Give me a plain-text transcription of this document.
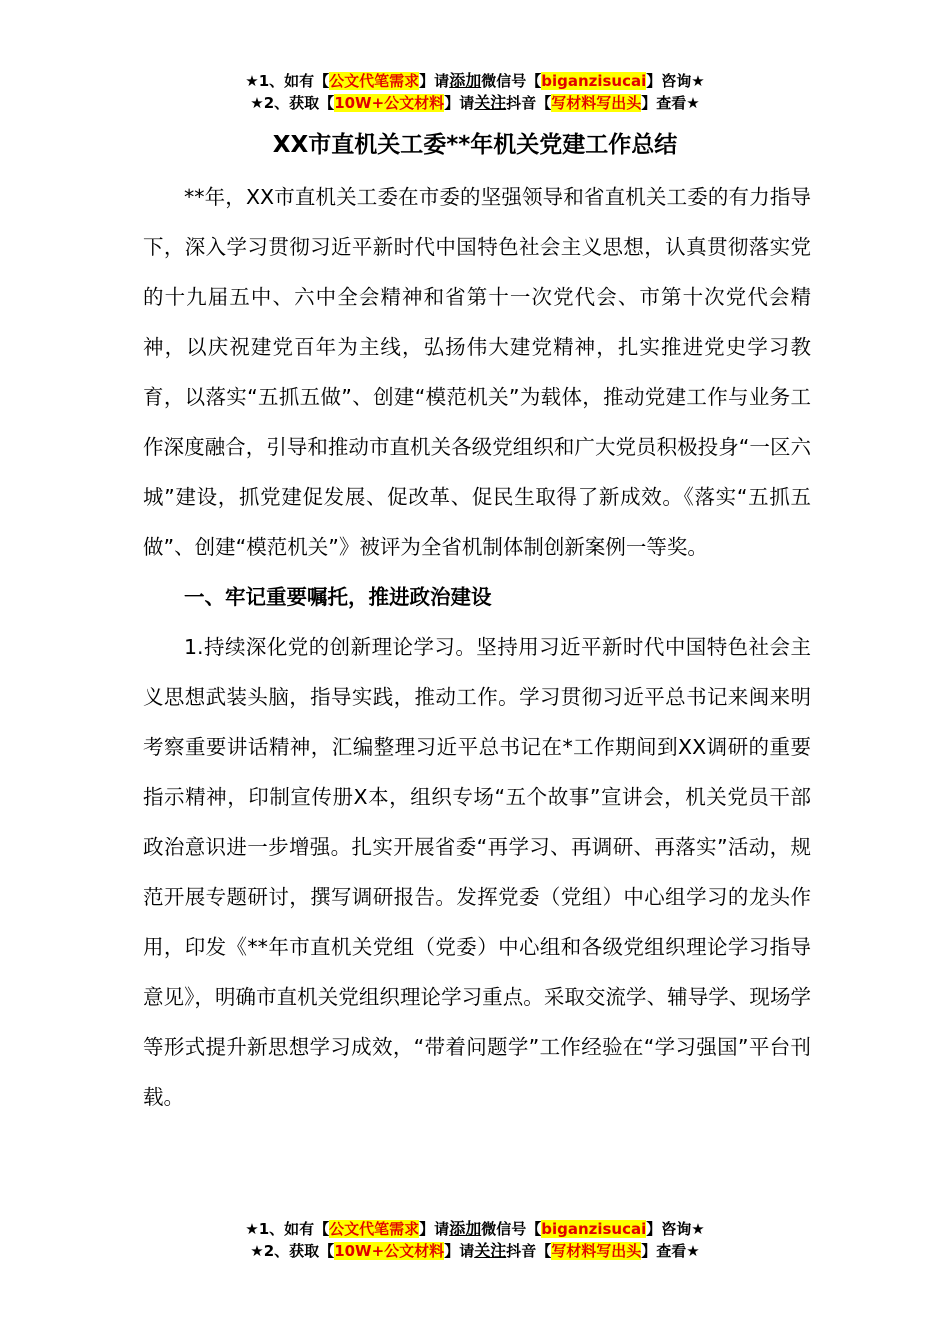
★1、如有【公文代笔需求】请添加微信号【biganzisucai】咨询★
★2、获取【10W+公文材料】请关注抖音【写材料写出头】查看★
XX市直机关工委**年机关党建工作总结

**年，XX市直机关工委在市委的坚强领导和省直机关工委的有力指导下，深入学习贯彻习近平新时代中国特色社会主义思想，认真贯彻落实党的十九届五中、六中全会精神和省第十一次党代会、市第十次党代会精神，以庆祝建党百年为主线，弘扬伟大建党精神，扎实推进党史学习教育，以落实“五抓五做”、创建“模范机关”为载体，推动党建工作与业务工作深度融合，引导和推动市直机关各级党组织和广大党员积极投身“一区六城”建设，抓党建促发展、促改革、促民生取得了新成效。《落实“五抓五做”、创建“模范机关”》被评为全省机制体制创新案例一等奖。

一、牢记重要嘱托，推进政治建设

1.持续深化党的创新理论学习。坚持用习近平新时代中国特色社会主义思想武装头脑，指导实践，推动工作。学习贯彻习近平总书记来闽来明考察重要讲话精神，汇编整理习近平总书记在*工作期间到XX调研的重要指示精神，印制宣传册X本，组织专场“五个故事”宣讲会，机关党员干部政治意识进一步增强。扎实开展省委“再学习、再调研、再落实”活动，规范开展专题研讨，撰写调研报告。发挥党委（党组）中心组学习的龙头作用，印发《**年市直机关党组（党委）中心组和各级党组织理论学习指导意见》，明确市直机关党组织理论学习重点。采取交流学、辅导学、现场学等形式提升新思想学习成效，“带着问题学”工作经验在“学习强国”平台刊载。

★1、如有【公文代笔需求】请添加微信号【biganzisucai】咨询★
★2、获取【10W+公文材料】请关注抖音【写材料写出头】查看★
